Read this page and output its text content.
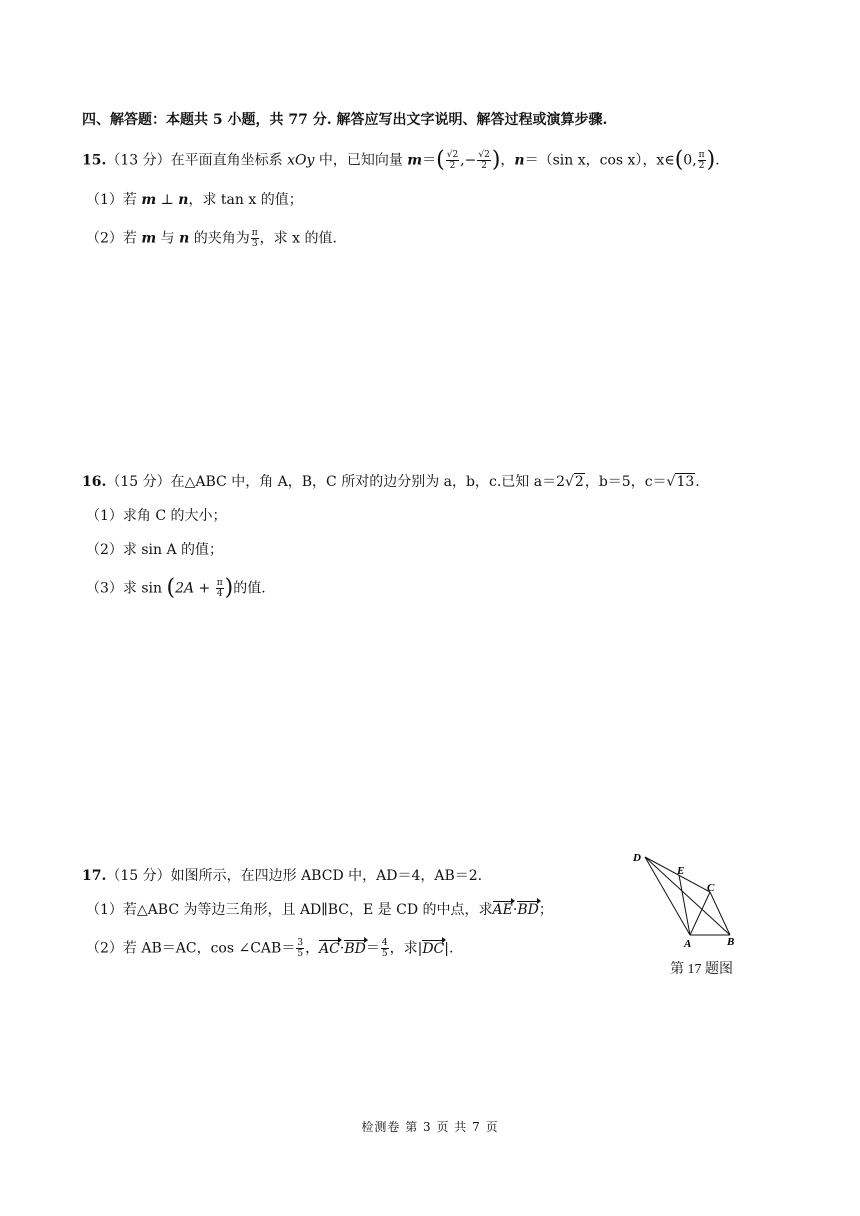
四、解答题：本题共 5 小题，共 77 分. 解答应写出文字说明、解答过程或演算步骤.
15.（13 分）在平面直角坐标系 xOy 中，已知向量 $m=( \frac{√2}{2}$ ,− $\frac{√2}{2}$ )，n＝（sin x，cos x），x∈(0, $\frac{\pi}{2}$ ).
（1）若 m ⊥ n，求 tan x 的值；
（2）若 m 与 n 的夹角为 $\frac{\pi}{3}$ ，求 x 的值.
16.（15 分）在△ABC 中，角 A，B，C 所对的边分别为 a，b，c.已知 a＝2√2，b＝5，c＝√13.
（1）求角 C 的大小；
（2）求 sin A 的值；
（3）求 $\sin (2A + \frac{\pi}{4}$ )的值.
17.（15 分）如图所示，在四边形 ABCD 中，AD＝4，AB＝2.
（1）若△ABC 为等边三角形，且 AD∥BC，E 是 CD 的中点，求AE·BD；
（2）若 AB＝AC，cos ∠CAB＝ $\frac{3}{5}$ ，$AC\cdot BD= \frac{4}{5}$ ，求|DC|.
D
E
C
A	B
第 17 题图
检测卷 第 3 页 共 7 页
